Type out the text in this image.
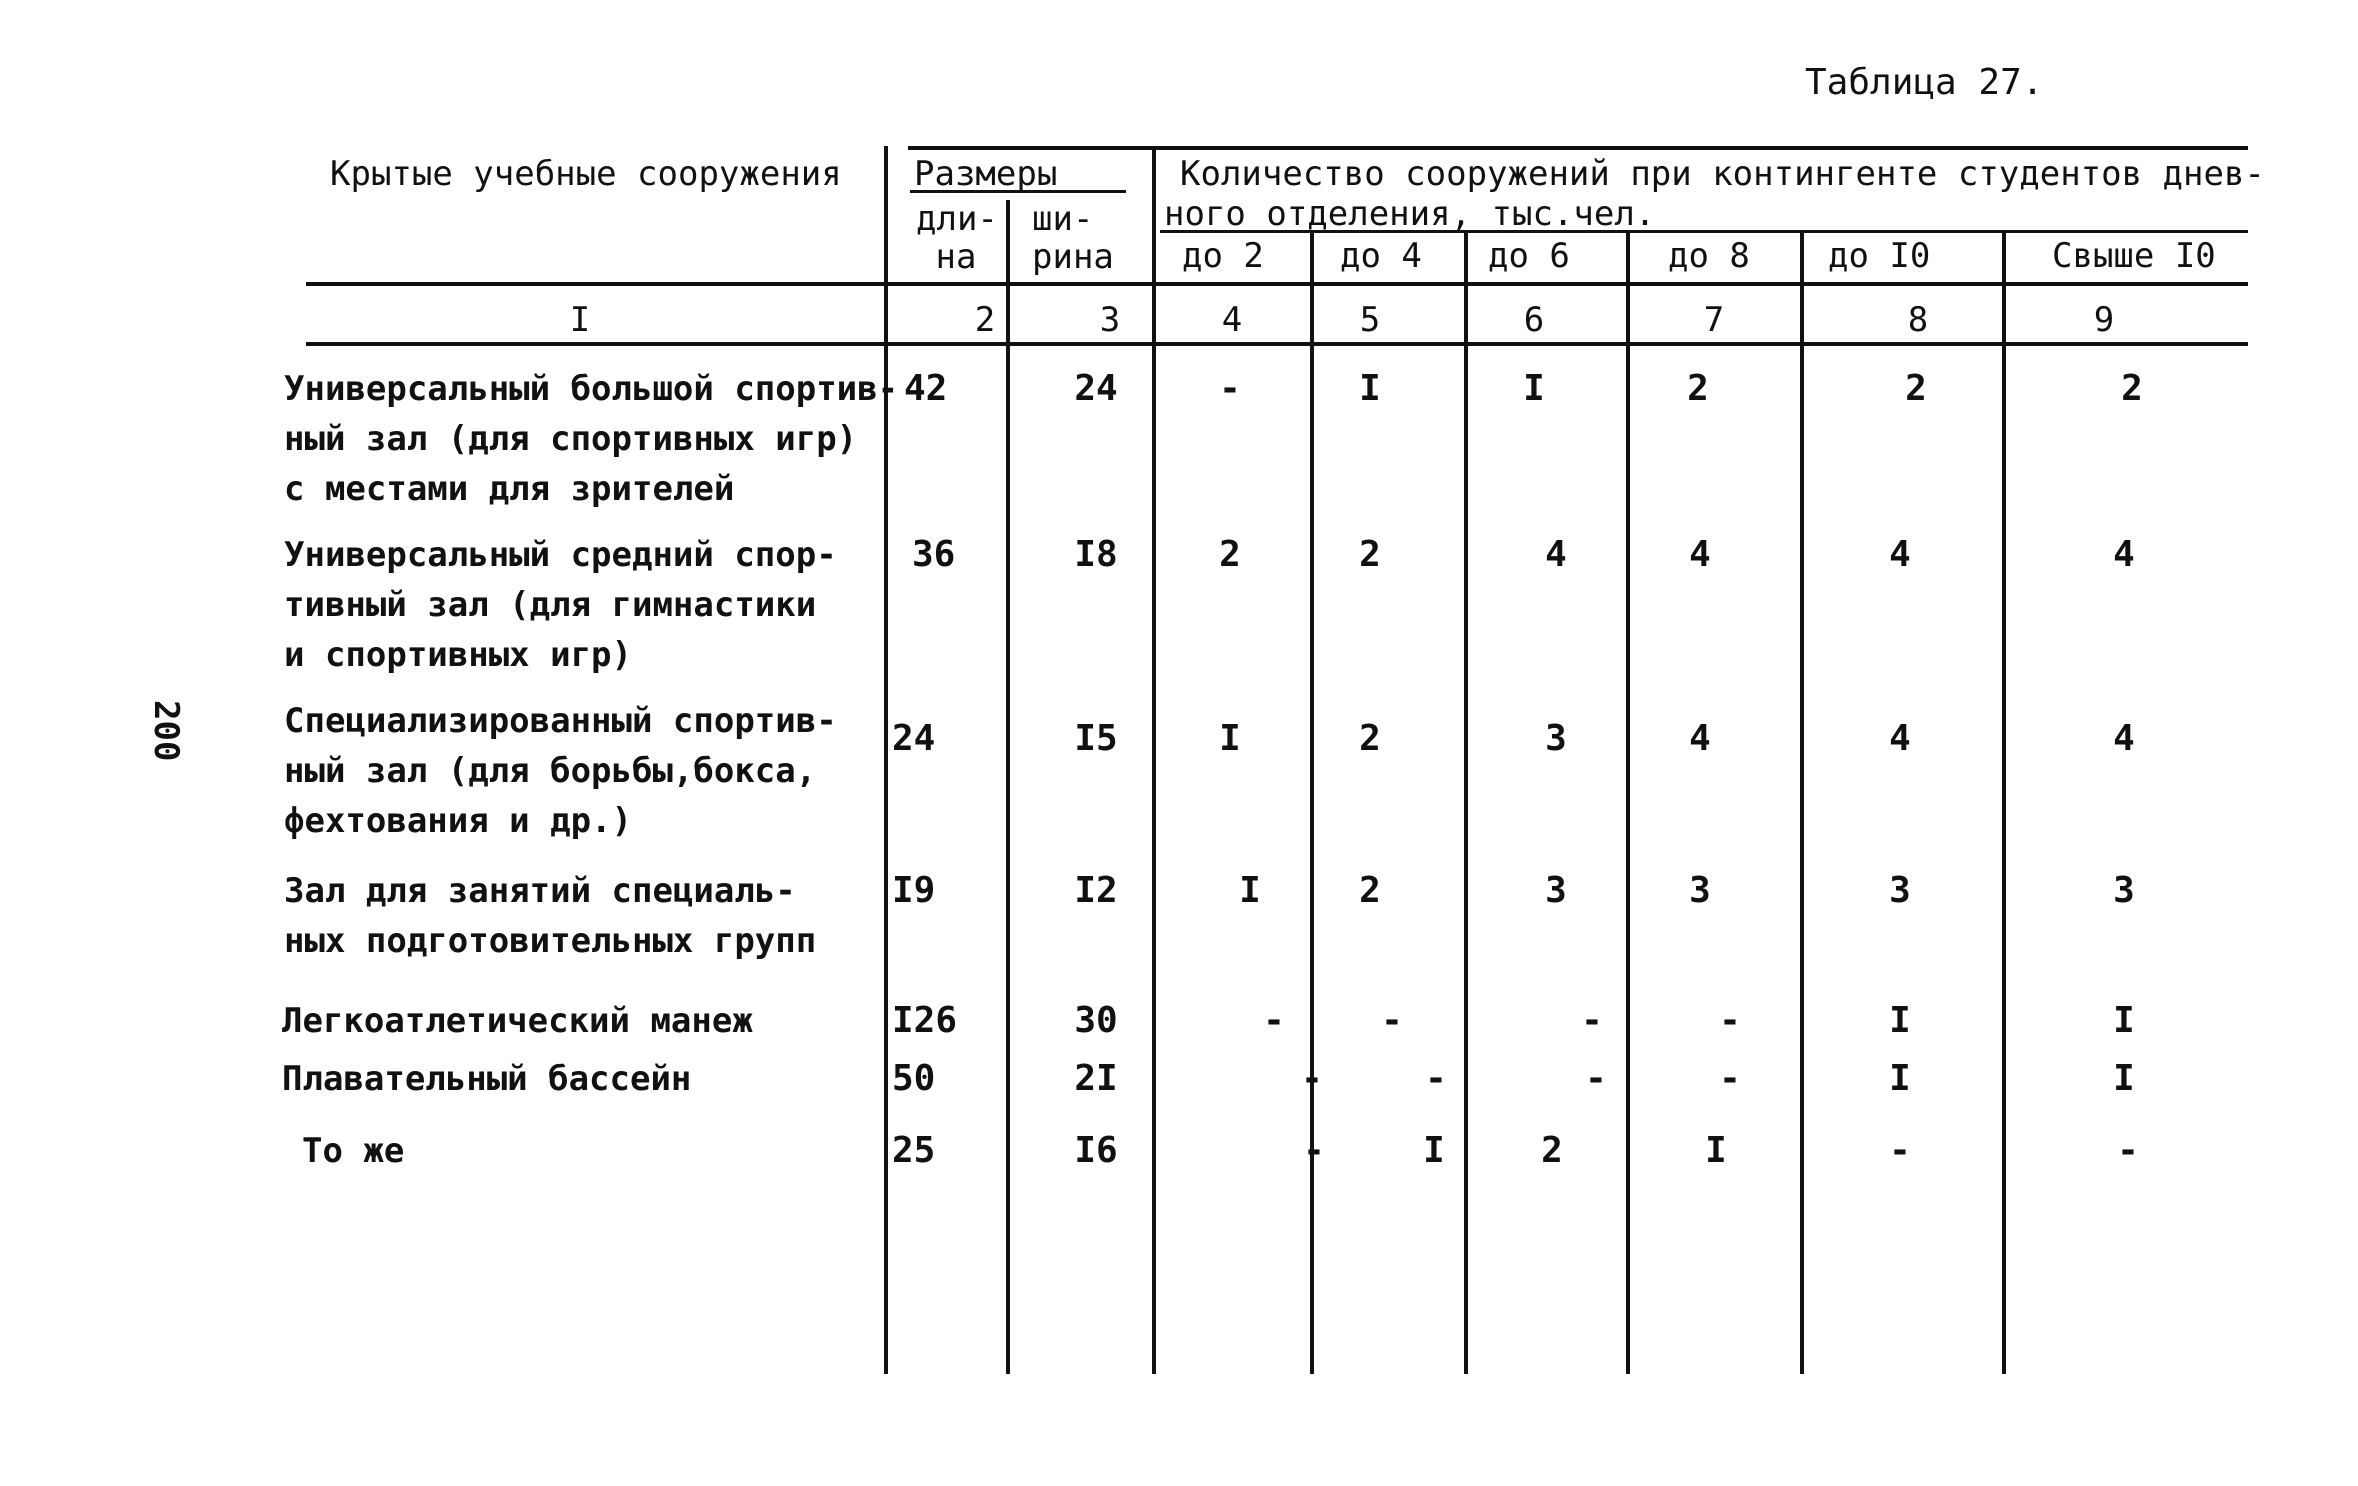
Таблица 27.
200
Крытые учебные сооружения Размеры
дли-
на
ши-
рина
Количество сооружений при контингенте студентов днев-
ного отделения, тыс.чел.
до 2 до 4 до 6	до 8 до I0	Свыше I0
I	2	3	4	5	6	7	8	9
Универсальный большой спортив-
ный зал (для спортивных игр)
с местами для зрителей
42	24	-	I	I	2	2	2
Универсальный средний спор-
тивный зал (для гимнастики
и спортивных игр)
36	I8	2	2	4	4	4	4
Специализированный спортив-
ный зал (для борьбы,бокса,
фехтования и др.)
24	I5	I	2	3	4	4	4
Зал для занятий специаль-
ных подготовительных групп
I9	I2	I	2	3	3	3	3
Легкоатлетический манеж	I26	30	-	-	-	-	I	I
Плавательный бассейн	50	2I	-	-	-	-	I	I
То же	25	I6	-	I	2	I	-	-
